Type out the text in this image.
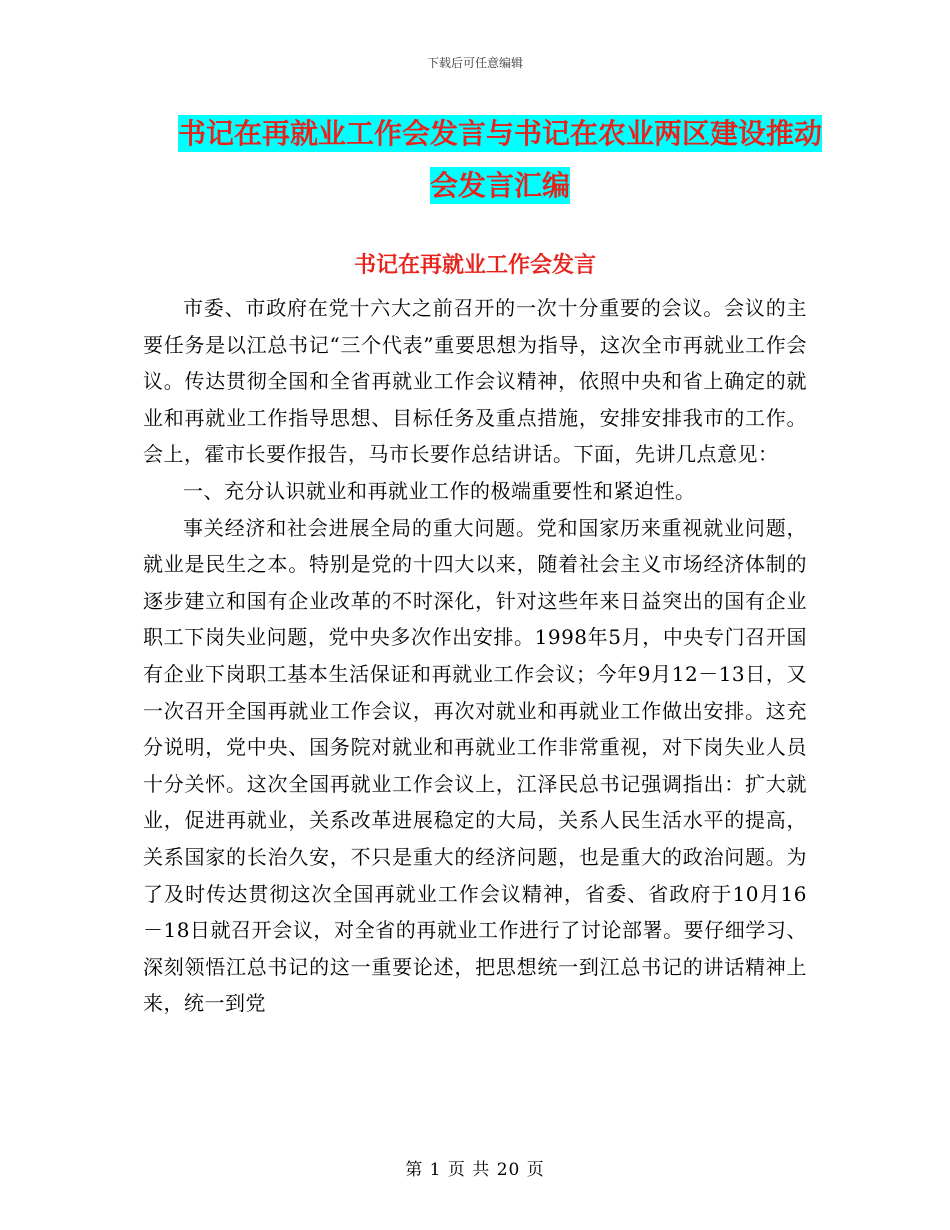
下载后可任意编辑
书记在再就业工作会发言与书记在农业两区建设推动
会发言汇编
书记在再就业工作会发言

市委、市政府在党十六大之前召开的一次十分重要的会议。会议的主要任务是以江总书记“三个代表”重要思想为指导，这次全市再就业工作会议。传达贯彻全国和全省再就业工作会议精神，依照中央和省上确定的就业和再就业工作指导思想、目标任务及重点措施，安排安排我市的工作。会上，霍市长要作报告，马市长要作总结讲话。下面，先讲几点意见：

一、充分认识就业和再就业工作的极端重要性和紧迫性。

事关经济和社会进展全局的重大问题。党和国家历来重视就业问题，就业是民生之本。特别是党的十四大以来，随着社会主义市场经济体制的逐步建立和国有企业改革的不时深化，针对这些年来日益突出的国有企业职工下岗失业问题，党中央多次作出安排。1998年5月，中央专门召开国有企业下岗职工基本生活保证和再就业工作会议；今年9月12－13日，又一次召开全国再就业工作会议，再次对就业和再就业工作做出安排。这充分说明，党中央、国务院对就业和再就业工作非常重视，对下岗失业人员十分关怀。这次全国再就业工作会议上，江泽民总书记强调指出：扩大就业，促进再就业，关系改革进展稳定的大局，关系人民生活水平的提高，关系国家的长治久安，不只是重大的经济问题，也是重大的政治问题。为了及时传达贯彻这次全国再就业工作会议精神，省委、省政府于10月16－18日就召开会议，对全省的再就业工作进行了讨论部署。要仔细学习、深刻领悟江总书记的这一重要论述，把思想统一到江总书记的讲话精神上来，统一到党

第 1 页 共 20 页
